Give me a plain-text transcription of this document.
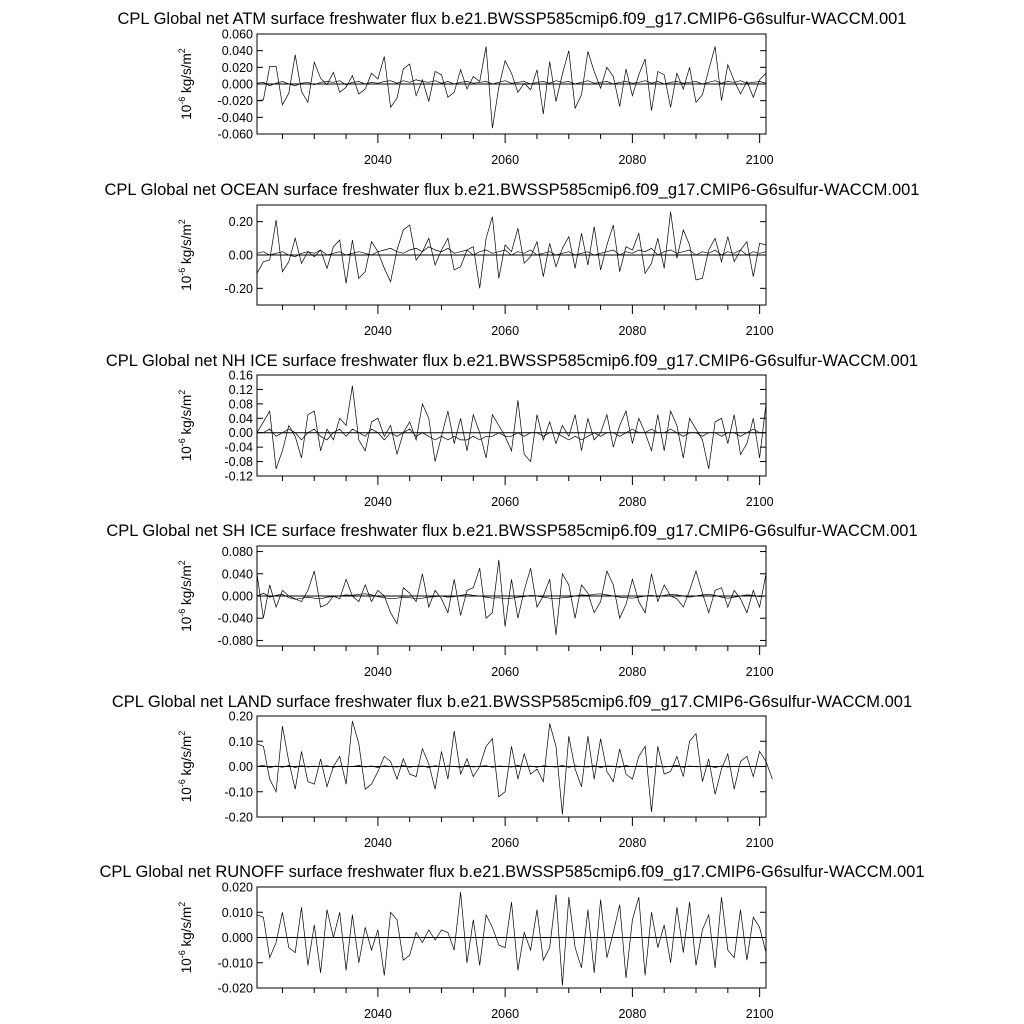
CPL Global net ATM surface freshwater flux b.e21.BWSSP585cmip6.f09_g17.CMIP6-G6sulfur-WACCM.001
-0.060
-0.040
-0.020
0.000
0.020
0.040
0.060
2040	2060	2080	2100
$10^{-6}$ $kg/s/m^2$
CPL Global net OCEAN surface freshwater flux b.e21.BWSSP585cmip6.f09_g17.CMIP6-G6sulfur-WACCM.001
-0.20
0.00
0.20
2040	2060	2080	2100
$10^{-6}$ $kg/s/m^2$
CPL Global net NH ICE surface freshwater flux b.e21.BWSSP585cmip6.f09_g17.CMIP6-G6sulfur-WACCM.001
-0.12
-0.08
-0.04
0.00
0.04
0.08
0.12
0.16
2040	2060	2080	2100
$10^{-6}$ $kg/s/m^2$
CPL Global net SH ICE surface freshwater flux b.e21.BWSSP585cmip6.f09_g17.CMIP6-G6sulfur-WACCM.001
-0.080
-0.040
0.000
0.040
0.080
2040	2060	2080	2100
$10^{-6}$ $kg/s/m^2$
CPL Global net LAND surface freshwater flux b.e21.BWSSP585cmip6.f09_g17.CMIP6-G6sulfur-WACCM.001
-0.20
-0.10
0.00
0.10
0.20
2040	2060	2080	2100
$10^{-6}$ $kg/s/m^2$
CPL Global net RUNOFF surface freshwater flux b.e21.BWSSP585cmip6.f09_g17.CMIP6-G6sulfur-WACCM.001
-0.020
-0.010
0.000
0.010
0.020
2040	2060	2080	2100
$10^{-6}$ $kg/s/m^2$
